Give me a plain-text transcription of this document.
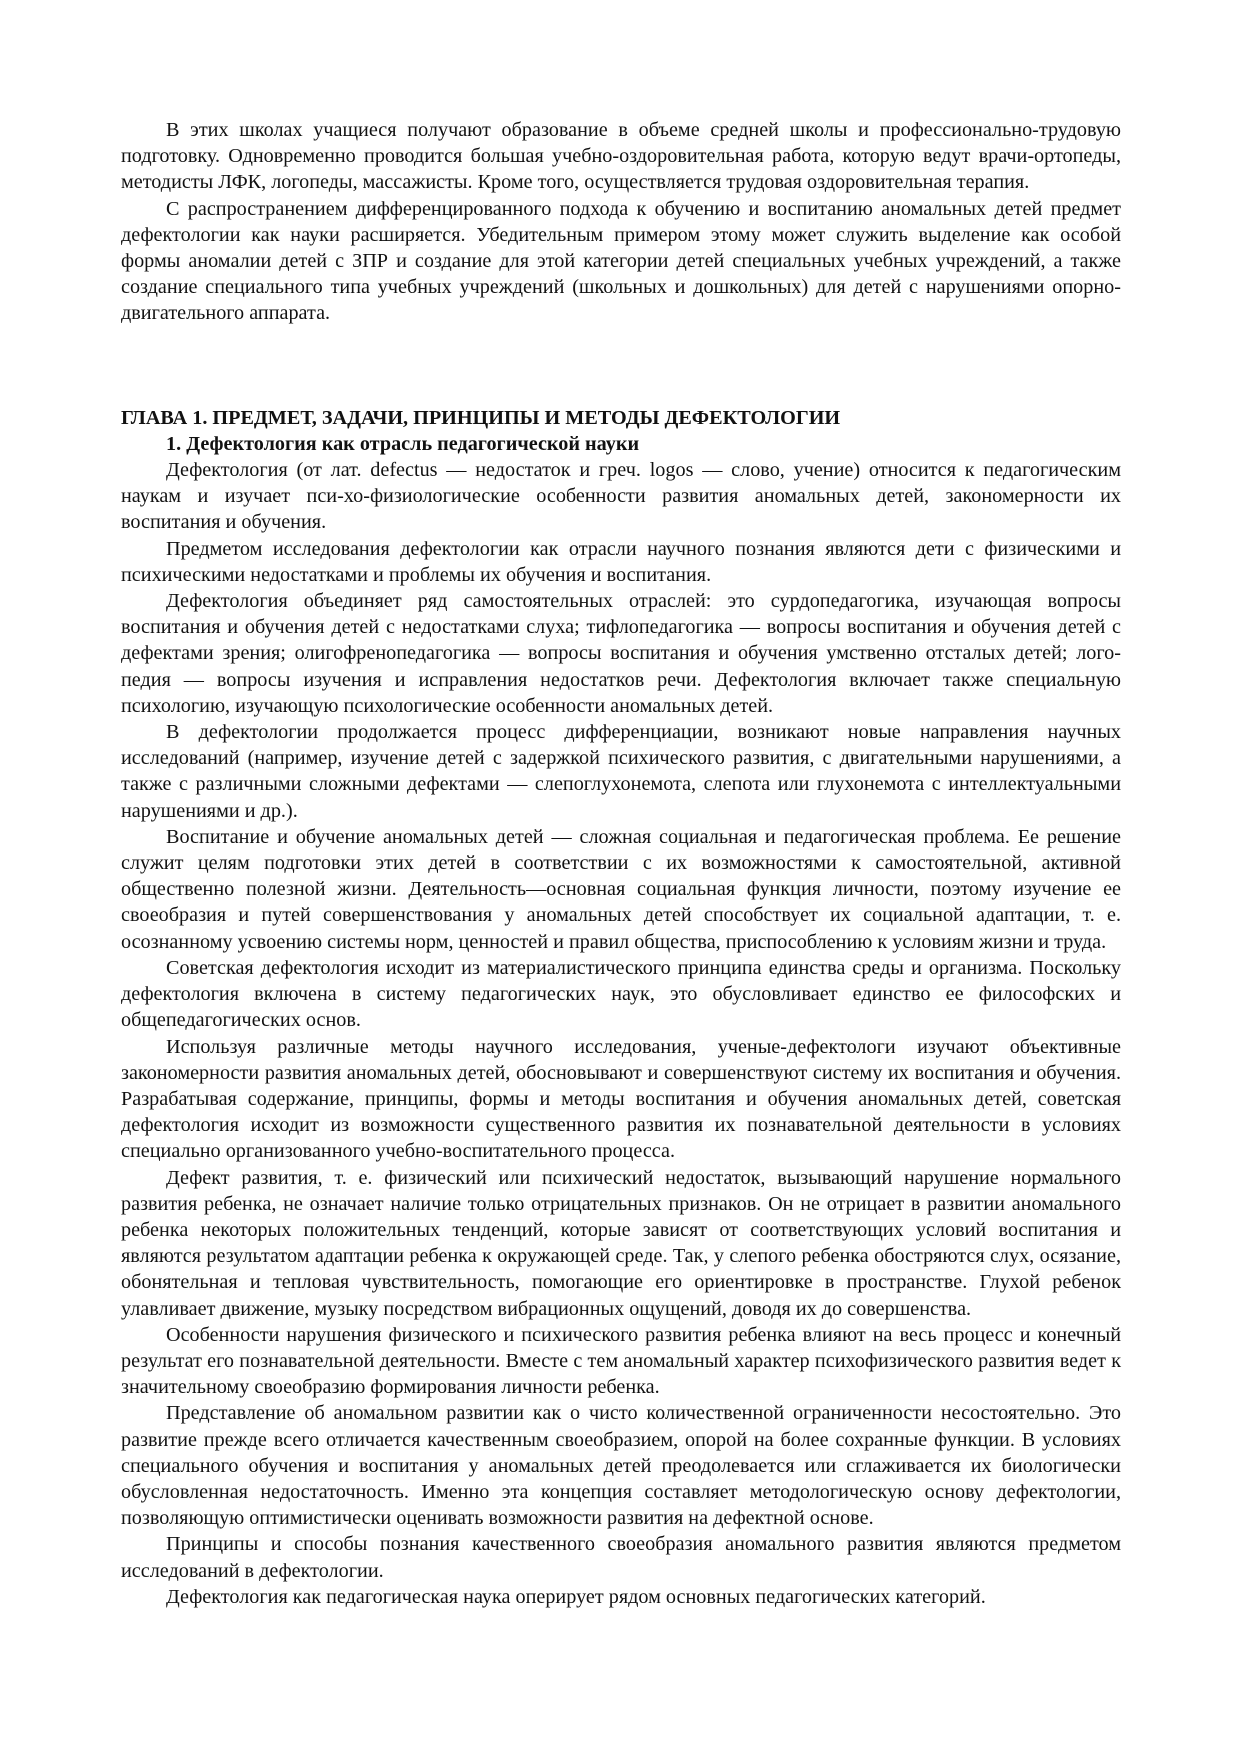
В этих школах учащиеся получают образование в объеме средней школы и профессионально-трудовую подготовку. Одновременно проводится большая учебно-оздоровительная работа, которую ведут врачи-ортопеды, методисты ЛФК, логопеды, массажисты. Кроме того, осуществляется трудовая оздоровительная терапия.

С распространением дифференцированного подхода к обучению и воспитанию аномальных детей предмет дефектологии как науки расширяется. Убедительным примером этому может служить выделение как особой формы аномалии детей с ЗПР и создание для этой категории детей специальных учебных учреждений, а также создание специального типа учебных учреждений (школьных и дошкольных) для детей с нарушениями опорно-двигательного аппарата.

ГЛАВА 1. ПРЕДМЕТ, ЗАДАЧИ, ПРИНЦИПЫ И МЕТОДЫ ДЕФЕКТОЛОГИИ
1. Дефектология как отрасль педагогической науки

Дефектология (от лат. defectus — недостаток и греч. logos — слово, учение) относится к педагогическим наукам и изучает пси-хо-физиологические особенности развития аномальных детей, закономерности их воспитания и обучения.

Предметом исследования дефектологии как отрасли научного познания являются дети с физическими и психическими недостатками и проблемы их обучения и воспитания.

Дефектология объединяет ряд самостоятельных отраслей: это сурдопедагогика, изучающая вопросы воспитания и обучения детей с недостатками слуха; тифлопедагогика — вопросы воспитания и обучения детей с дефектами зрения; олигофренопедагогика — вопросы воспитания и обучения умственно отсталых детей; лого-педия — вопросы изучения и исправления недостатков речи. Дефектология включает также специальную психологию, изучающую психологические особенности аномальных детей.

В дефектологии продолжается процесс дифференциации, возникают новые направления научных исследований (например, изучение детей с задержкой психического развития, с двигательными нарушениями, а также с различными сложными дефектами — слепоглухонемота, слепота или глухонемота с интеллектуальными нарушениями и др.).

Воспитание и обучение аномальных детей — сложная социальная и педагогическая проблема. Ее решение служит целям подготовки этих детей в соответствии с их возможностями к самостоятельной, активной общественно полезной жизни. Деятельность—основная социальная функция личности, поэтому изучение ее своеобразия и путей совершенствования у аномальных детей способствует их социальной адаптации, т. е. осознанному усвоению системы норм, ценностей и правил общества, приспособлению к условиям жизни и труда.

Советская дефектология исходит из материалистического принципа единства среды и организма. Поскольку дефектология включена в систему педагогических наук, это обусловливает единство ее философских и общепедагогических основ.

Используя различные методы научного исследования, ученые-дефектологи изучают объективные закономерности развития аномальных детей, обосновывают и совершенствуют систему их воспитания и обучения. Разрабатывая содержание, принципы, формы и методы воспитания и обучения аномальных детей, советская дефектология исходит из возможности существенного развития их познавательной деятельности в условиях специально организованного учебно-воспитательного процесса.

Дефект развития, т. е. физический или психический недостаток, вызывающий нарушение нормального развития ребенка, не означает наличие только отрицательных признаков. Он не отрицает в развитии аномального ребенка некоторых положительных тенденций, которые зависят от соответствующих условий воспитания и являются результатом адаптации ребенка к окружающей среде. Так, у слепого ребенка обостряются слух, осязание, обонятельная и тепловая чувствительность, помогающие его ориентировке в пространстве. Глухой ребенок улавливает движение, музыку посредством вибрационных ощущений, доводя их до совершенства.

Особенности нарушения физического и психического развития ребенка влияют на весь процесс и конечный результат его познавательной деятельности. Вместе с тем аномальный характер психофизического развития ведет к значительному своеобразию формирования личности ребенка.

Представление об аномальном развитии как о чисто количественной ограниченности несостоятельно. Это развитие прежде всего отличается качественным своеобразием, опорой на более сохранные функции. В условиях специального обучения и воспитания у аномальных детей преодолевается или сглаживается их биологически обусловленная недостаточность. Именно эта концепция составляет методологическую основу дефектологии, позволяющую оптимистически оценивать возможности развития на дефектной основе.

Принципы и способы познания качественного своеобразия аномального развития являются предметом исследований в дефектологии.

Дефектология как педагогическая наука оперирует рядом основных педагогических категорий.
